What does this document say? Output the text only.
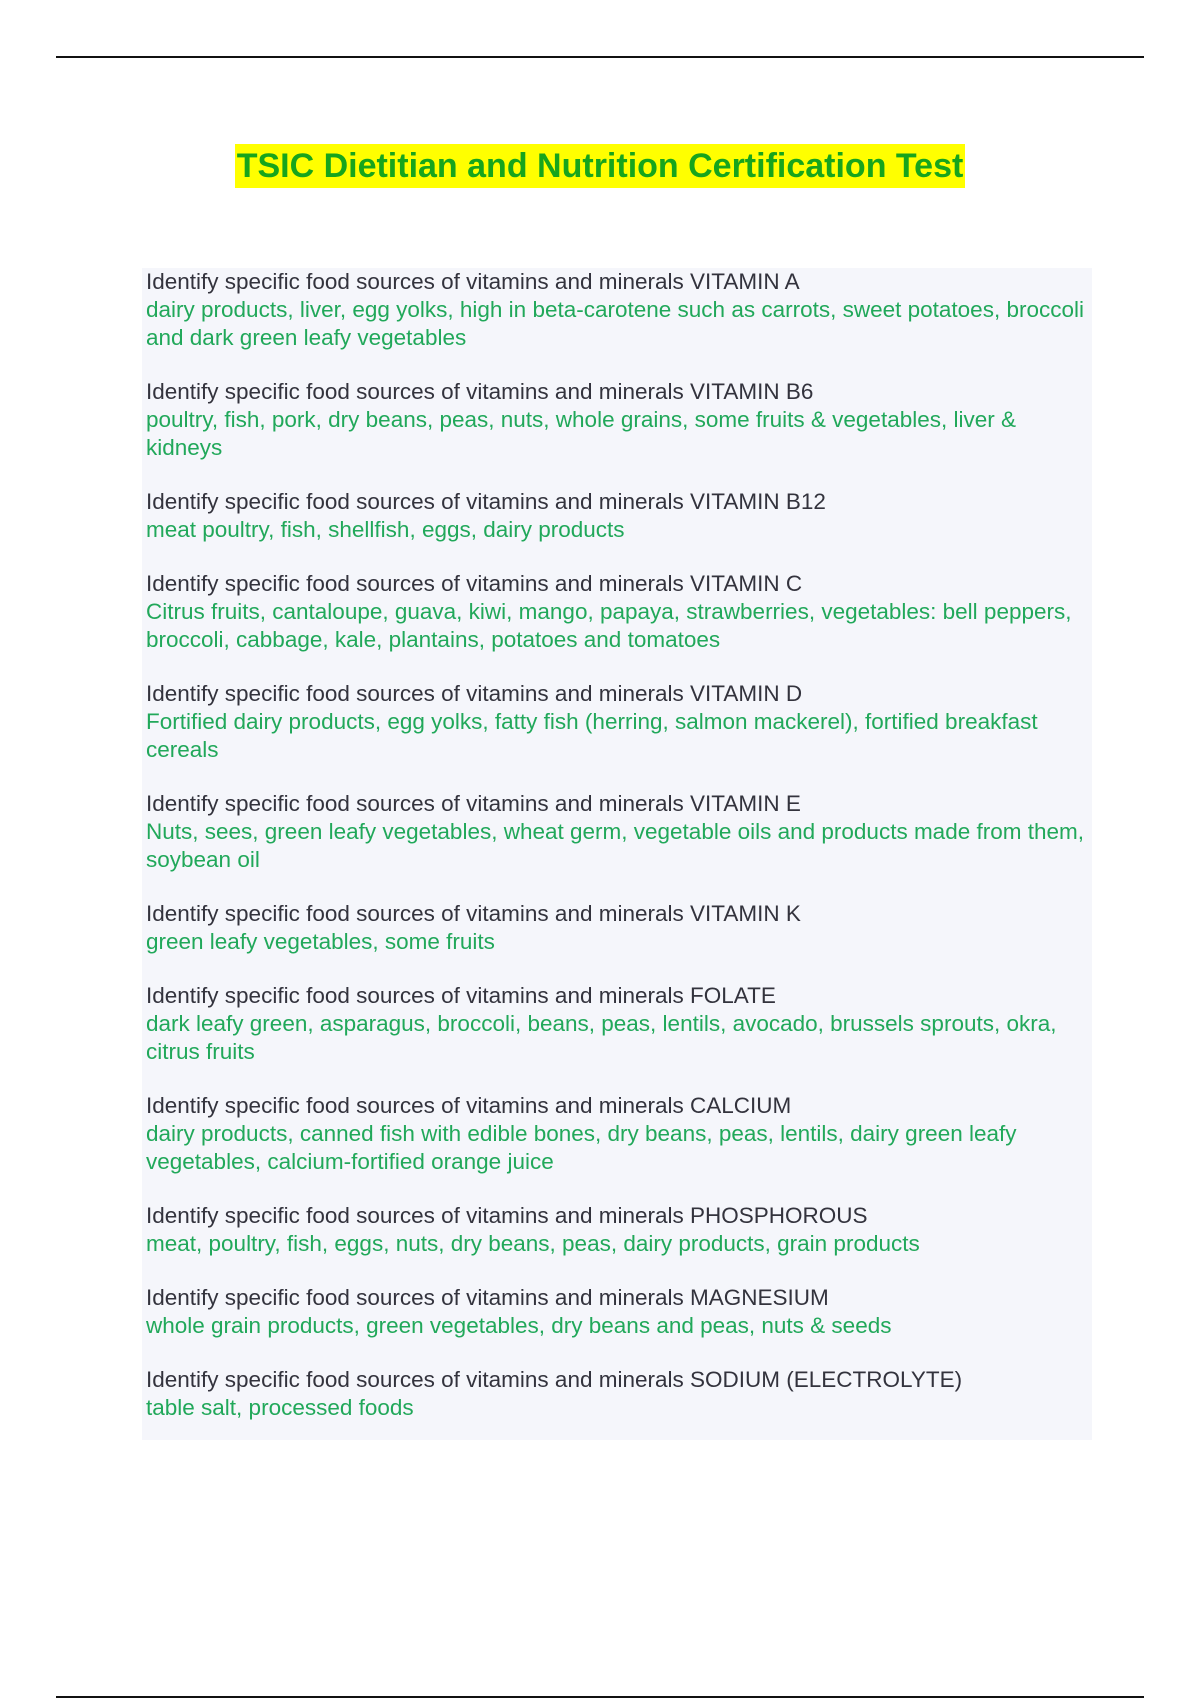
TSIC Dietitian and Nutrition Certification Test

Identify specific food sources of vitamins and minerals VITAMIN A

dairy products, liver, egg yolks, high in beta-carotene such as carrots, sweet potatoes, broccoli and dark green leafy vegetables

Identify specific food sources of vitamins and minerals VITAMIN B6

poultry, fish, pork, dry beans, peas, nuts, whole grains, some fruits & vegetables, liver & kidneys

Identify specific food sources of vitamins and minerals VITAMIN B12

meat poultry, fish, shellfish, eggs, dairy products

Identify specific food sources of vitamins and minerals VITAMIN C

Citrus fruits, cantaloupe, guava, kiwi, mango, papaya, strawberries, vegetables: bell peppers, broccoli, cabbage, kale, plantains, potatoes and tomatoes

Identify specific food sources of vitamins and minerals VITAMIN D

Fortified dairy products, egg yolks, fatty fish (herring, salmon mackerel), fortified breakfast cereals

Identify specific food sources of vitamins and minerals VITAMIN E

Nuts, sees, green leafy vegetables, wheat germ, vegetable oils and products made from them, soybean oil

Identify specific food sources of vitamins and minerals VITAMIN K

green leafy vegetables, some fruits

Identify specific food sources of vitamins and minerals FOLATE

dark leafy green, asparagus, broccoli, beans, peas, lentils, avocado, brussels sprouts, okra, citrus fruits

Identify specific food sources of vitamins and minerals CALCIUM

dairy products, canned fish with edible bones, dry beans, peas, lentils, dairy green leafy vegetables, calcium-fortified orange juice

Identify specific food sources of vitamins and minerals PHOSPHOROUS

meat, poultry, fish, eggs, nuts, dry beans, peas, dairy products, grain products

Identify specific food sources of vitamins and minerals MAGNESIUM

whole grain products, green vegetables, dry beans and peas, nuts & seeds

Identify specific food sources of vitamins and minerals SODIUM (ELECTROLYTE)

table salt, processed foods
